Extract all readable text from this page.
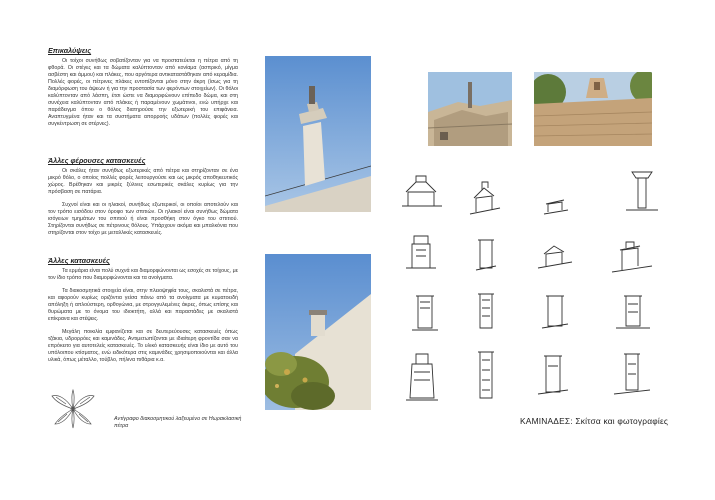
Επικαλύψεις
Οι τοίχοι συνήθως σοβατίζονταν για να προστατεύεται η πέτρα από τη φθορά. Οι στέγες και τα δώματα καλύπτονταν από κονίαμα (ασπρικό, μίγμα ασβέστη και άμμου) και πλάκες, που αργότερα αντικαταστάθηκαν από κεραμίδια. Πολλές φορές, οι πέτρινες πλάκες εντοπίζονται μόνο στην άκρη (ίσως για τη διαμόρφωση του άψεων ή για την προστασία των φερόντων στοιχείων). Οι θόλοι καλύπτονταν από λάσπη, έτσι ώστε να διαμορφώνουν επίπεδο δώμα, και στη συνέχεια καλύπτονταν από πλάκες ή παραμένουν χωμάτινοι, ενώ υπήρχε και παράδειγμα όπου ο θόλος διατηρούσε την εξωτερική του επιφάνεια. Αναπτυγμένα ήταν και τα συστήματα απορροής υδάτων (πολλές φορές και συγκέντρωση σε στέρνες).
Άλλες φέρουσες κατασκευές
Οι σκάλες ήταν συνήθως εξωτερικές από πέτρα και στηρίζονταν σε ένα μικρό θόλο, ο οποίος πολλές φορές λειτουργούσε και ως μικρός αποθηκευτικός χώρος. Βρέθηκαν και μικρές ξύλινες εσωτερικές σκάλες κυρίως για την πρόσβαση σε πατάρια.
Συχνοί είναι και οι ηλιακοί, συνήθως εξωτερικοί, οι οποίοι αποτελούν και τον τρόπο εισόδου στον όροφο των σπιτιών. Οι ηλιακοί είναι συνήθως δώματα ισόγειων τμημάτων του σπιτιού ή είναι προσθήκη στον όγκο του σπιτιού. Στηρίζονται συνήθως σε πέτρινους θόλους. Υπάρχουν ακόμα και μπαλκόνια που στηρίζονται στον τοίχο με μεταλλικές κατασκευές.
Άλλες κατασκευές
Τα ερμάρια είναι πολύ συχνά και διαμορφώνονται ως εσοχές σε τοίχους, με τον ίδιο τρόπο που διαμορφώνονται και τα ανοίγματα.
Τα διακοσμητικά στοιχεία είναι, στην πλειοψηφία τους, σκαλιστά σε πέτρα, και αφορούν κυρίως οριζόντια γείσα πάνω από τα ανοίγματα με κυματοειδή απόληξη ή απλούστερη, ορθογώνια, με στρογγυλεμένες άκρες, όπως επίσης και θυρώματα με το όνομα του ιδιοκτήτη, αλλά και παραστάδες με σκαλιστά επίκρανα και στέψεις.
Μεγάλη ποικιλία εμφανίζεται και σε δευτερεύουσες κατασκευές όπως τζάκια, υδρορρόες και καμινάδες. Αντιμετωπίζονται με ιδιαίτερη φροντίδα σαν να επρόκειτο για αυτοτελείς κατασκευές. Το υλικό κατασκευής είναι ίδιο με αυτό του υπόλοιπου κτίσματος, ενώ ειδικότερα στις καμινάδες χρησιμοποιούνται και άλλα υλικά, όπως μέταλλο, τούβλο, πήλινα πιθάρια κ.α.
Αντίγραφο διακοσμητικού λαξευμένο σε Ηωρακλασική πέτρα	ΚΑΜΙΝΑΔΕΣ: Σκίτσα και φωτογραφίες
